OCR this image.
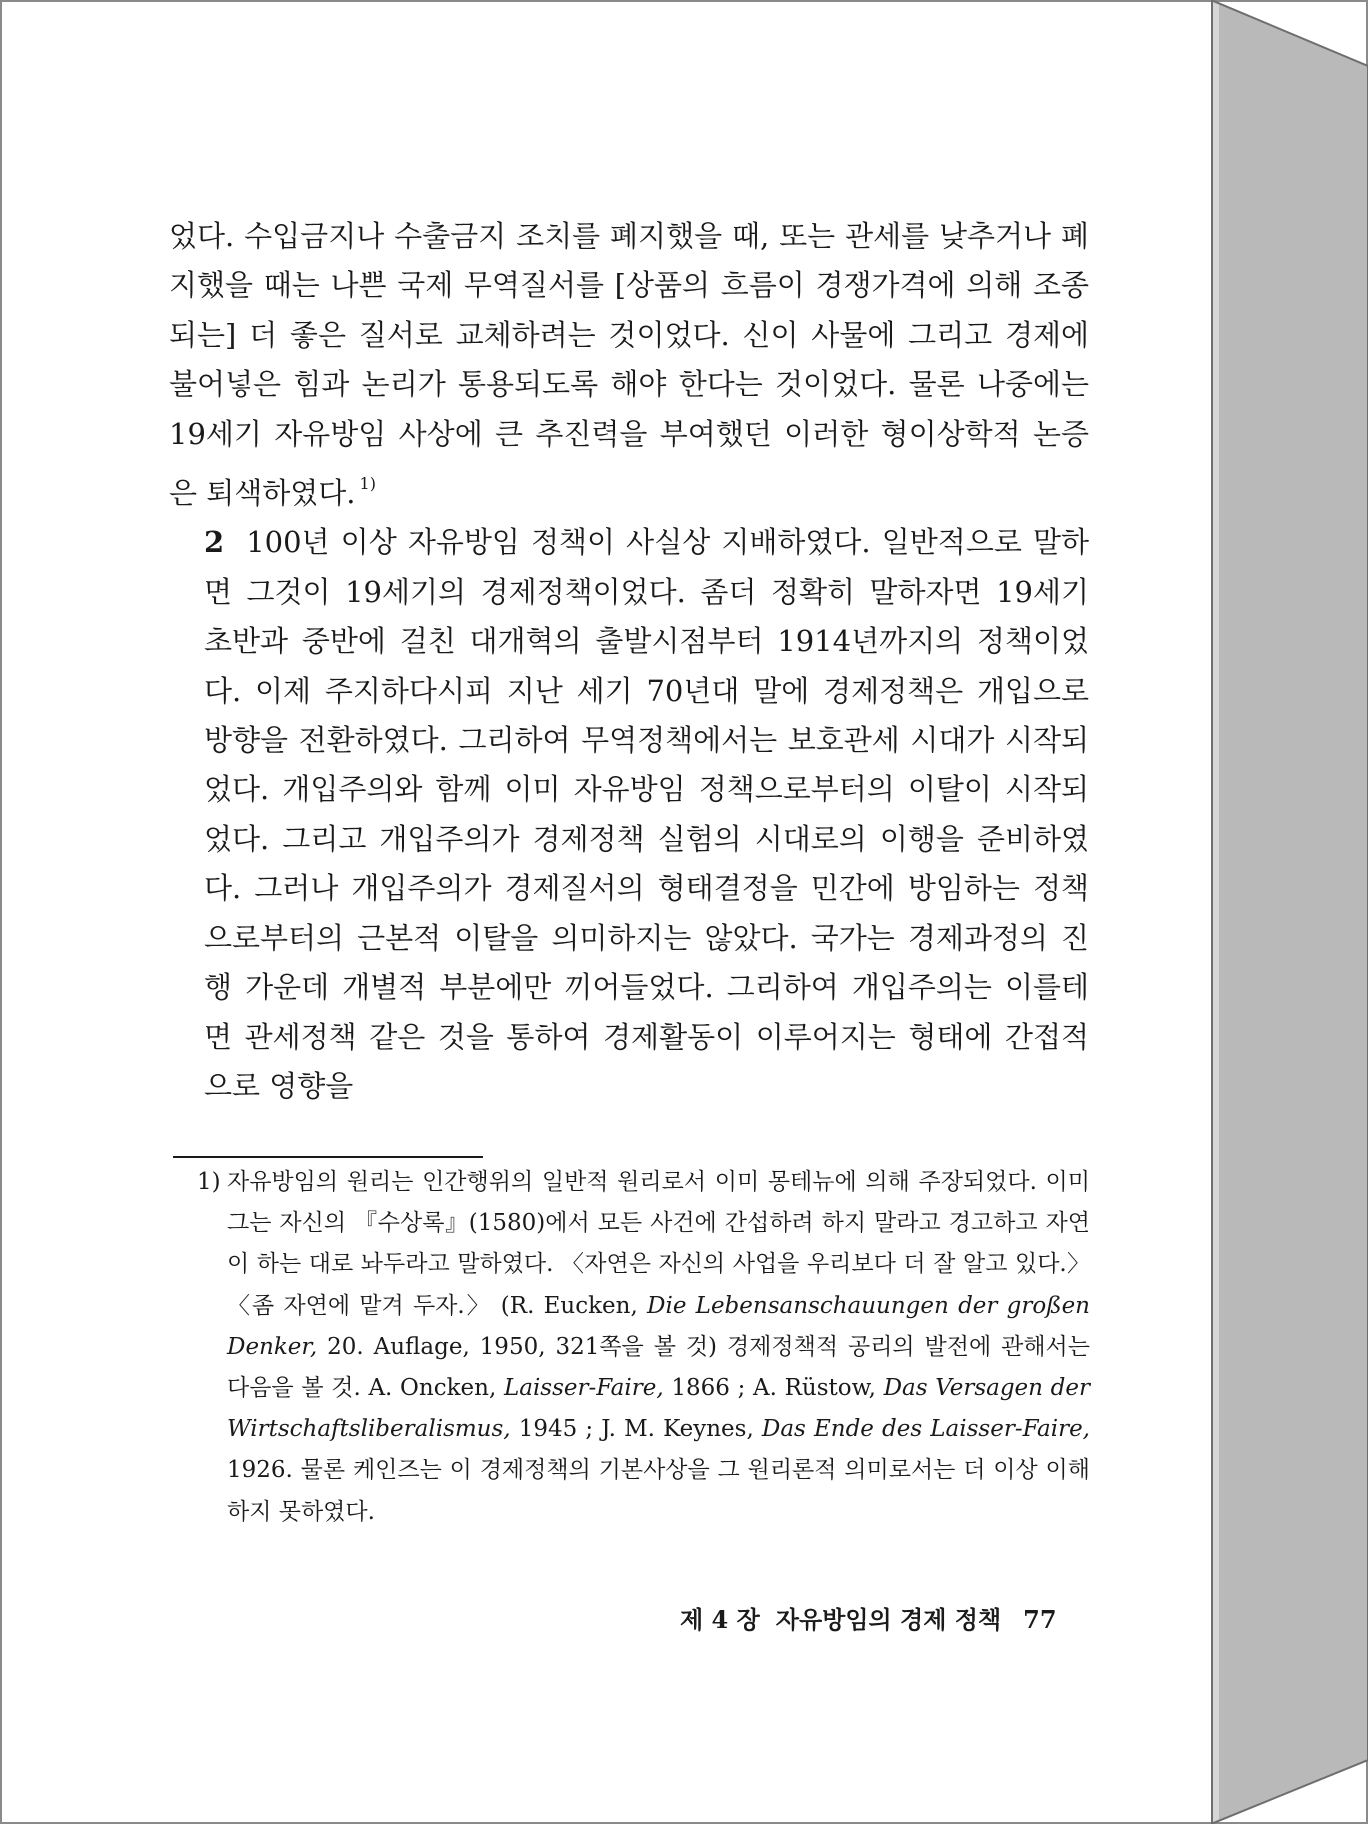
었다. 수입금지나 수출금지 조치를 폐지했을 때, 또는 관세를 낮추거나 폐지했을 때는 나쁜 국제 무역질서를 [상품의 흐름이 경쟁가격에 의해 조종되는] 더 좋은 질서로 교체하려는 것이었다. 신이 사물에 그리고 경제에 불어넣은 힘과 논리가 통용되도록 해야 한다는 것이었다. 물론 나중에는 19세기 자유방임 사상에 큰 추진력을 부여했던 이러한 형이상학적 논증은 퇴색하였다. $^{1)}$

2 100년 이상 자유방임 정책이 사실상 지배하였다. 일반적으로 말하면 그것이 19세기의 경제정책이었다. 좀더 정확히 말하자면 19세기 초반과 중반에 걸친 대개혁의 출발시점부터 1914년까지의 정책이었다. 이제 주지하다시피 지난 세기 70년대 말에 경제정책은 개입으로 방향을 전환하였다. 그리하여 무역정책에서는 보호관세 시대가 시작되었다. 개입주의와 함께 이미 자유방임 정책으로부터의 이탈이 시작되었다. 그리고 개입주의가 경제정책 실험의 시대로의 이행을 준비하였다. 그러나 개입주의가 경제질서의 형태결정을 민간에 방임하는 정책으로부터의 근본적 이탈을 의미하지는 않았다. 국가는 경제과정의 진행 가운데 개별적 부분에만 끼어들었다. 그리하여 개입주의는 이를테면 관세정책 같은 것을 통하여 경제활동이 이루어지는 형태에 간접적으로 영향을

1) 자유방임의 원리는 인간행위의 일반적 원리로서 이미 몽테뉴에 의해 주장되었다. 이미 그는 자신의 『수상록』(1580)에서 모든 사건에 간섭하려 하지 말라고 경고하고 자연이 하는 대로 놔두라고 말하였다. 〈자연은 자신의 사업을 우리보다 더 잘 알고 있다.〉〈좀 자연에 맡겨 두자.〉 (R. Eucken, Die Lebensanschauungen der großen Denker, 20. Auflage, 1950, 321쪽을 볼 것) 경제정책적 공리의 발전에 관해서는 다음을 볼 것. A. Oncken, Laisser-Faire, 1866 ; A. Rüstow, Das Versagen der Wirtschaftsliberalismus, 1945 ; J. M. Keynes, Das Ende des Laisser-Faire, 1926. 물론 케인즈는 이 경제정책의 기본사상을 그 원리론적 의미로서는 더 이상 이해하지 못하였다.

제 4 장 자유방임의 경제 정책 77
